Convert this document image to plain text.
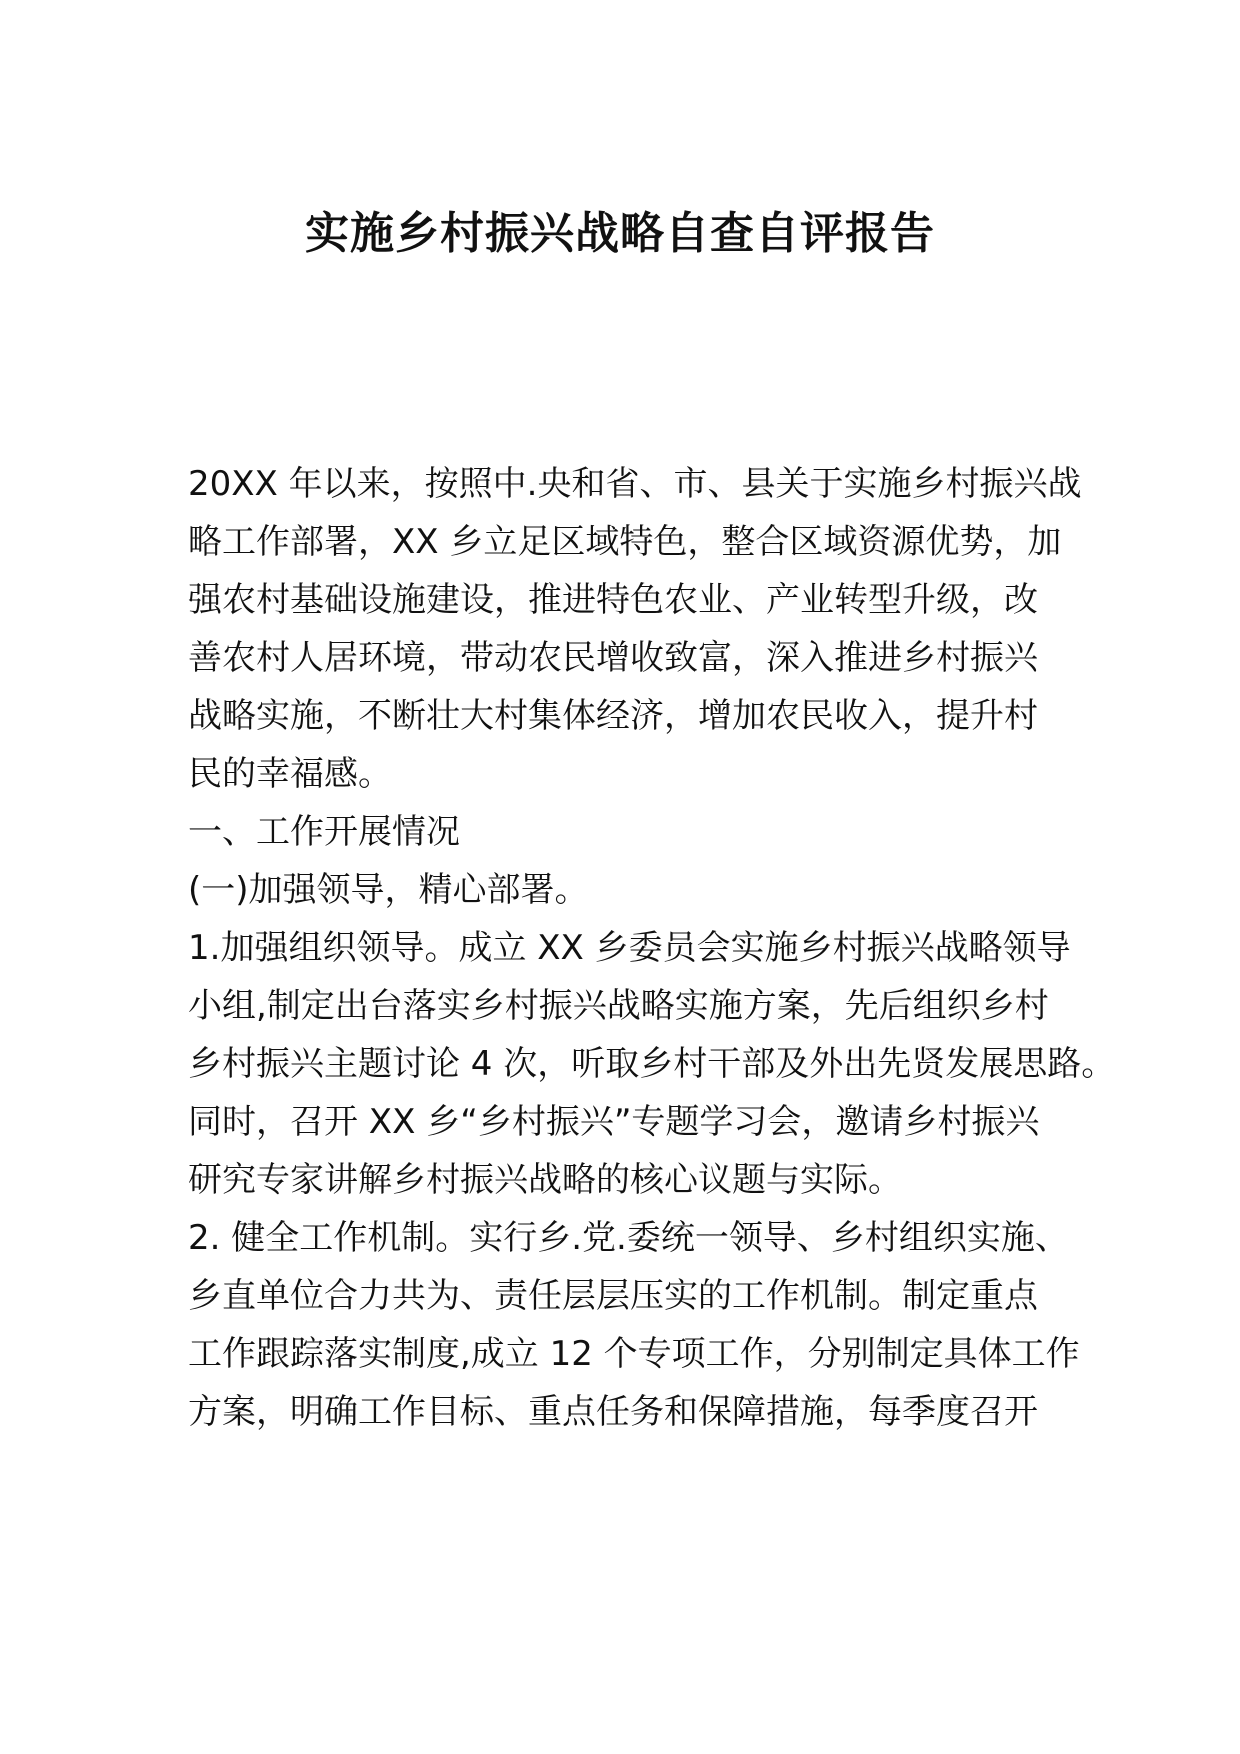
实施乡村振兴战略自查自评报告
20XX 年以来，按照中.央和省、市、县关于实施乡村振兴战
略工作部署，XX 乡立足区域特色，整合区域资源优势，加
强农村基础设施建设，推进特色农业、产业转型升级，改
善农村人居环境，带动农民增收致富，深入推进乡村振兴
战略实施，不断壮大村集体经济，增加农民收入，提升村
民的幸福感。
一、工作开展情况
(一)加强领导，精心部署。
1.加强组织领导。成立 XX 乡委员会实施乡村振兴战略领导
小组,制定出台落实乡村振兴战略实施方案，先后组织乡村
乡村振兴主题讨论 4 次，听取乡村干部及外出先贤发展思路。
同时，召开 XX 乡“乡村振兴”专题学习会，邀请乡村振兴
研究专家讲解乡村振兴战略的核心议题与实际。
2. 健全工作机制。实行乡.党.委统一领导、乡村组织实施、
乡直单位合力共为、责任层层压实的工作机制。制定重点
工作跟踪落实制度,成立 12 个专项工作，分别制定具体工作
方案，明确工作目标、重点任务和保障措施，每季度召开
